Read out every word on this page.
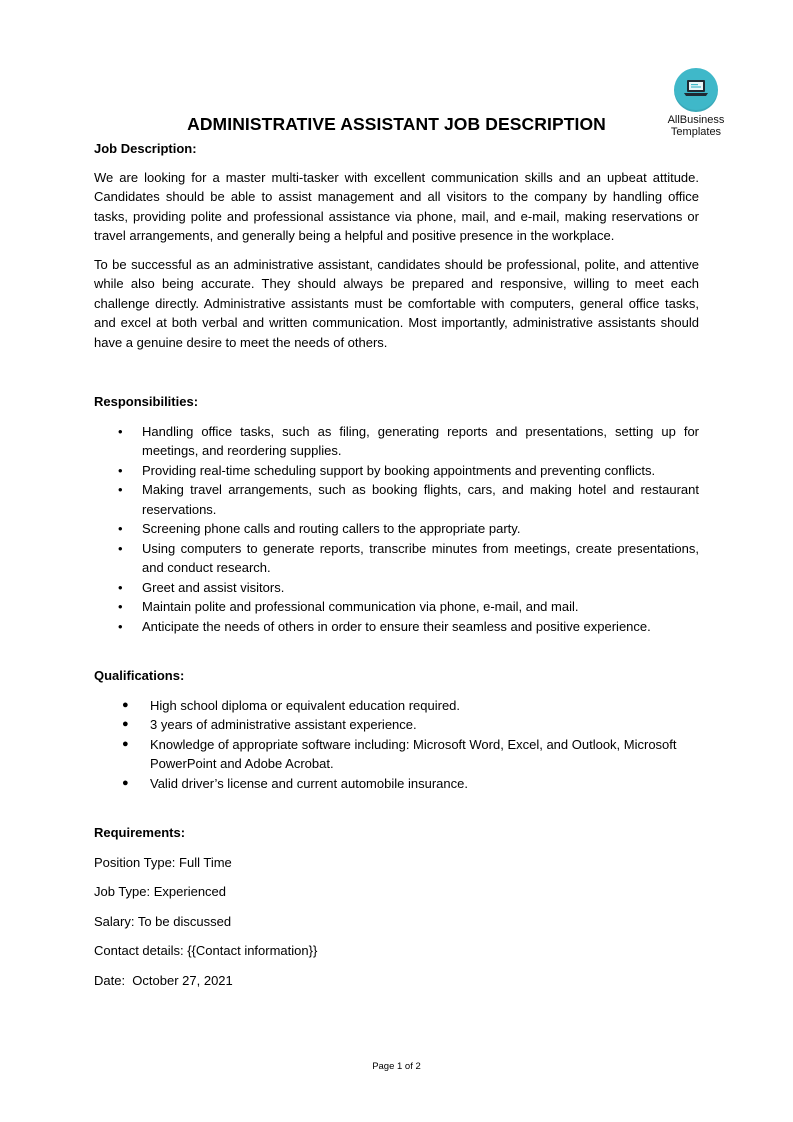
AllBusiness
Templates
ADMINISTRATIVE ASSISTANT JOB DESCRIPTION

Job Description:

We are looking for a master multi-tasker with excellent communication skills and an upbeat attitude. Candidates should be able to assist management and all visitors to the company by handling office tasks, providing polite and professional assistance via phone, mail, and e-mail, making reservations or travel arrangements, and generally being a helpful and positive presence in the workplace.

To be successful as an administrative assistant, candidates should be professional, polite, and attentive while also being accurate. They should always be prepared and responsive, willing to meet each challenge directly. Administrative assistants must be comfortable with computers, general office tasks, and excel at both verbal and written communication. Most importantly, administrative assistants should have a genuine desire to meet the needs of others.

Responsibilities:

• Handling office tasks, such as filing, generating reports and presentations, setting up for meetings, and reordering supplies.
• Providing real-time scheduling support by booking appointments and preventing conflicts.
• Making travel arrangements, such as booking flights, cars, and making hotel and restaurant reservations.
• Screening phone calls and routing callers to the appropriate party.
• Using computers to generate reports, transcribe minutes from meetings, create presentations, and conduct research.
• Greet and assist visitors.
• Maintain polite and professional communication via phone, e-mail, and mail.
• Anticipate the needs of others in order to ensure their seamless and positive experience.

Qualifications:

● High school diploma or equivalent education required.
● 3 years of administrative assistant experience.
● Knowledge of appropriate software including: Microsoft Word, Excel, and Outlook, Microsoft PowerPoint and Adobe Acrobat.
● Valid driver’s license and current automobile insurance.

Requirements:

Position Type: Full Time

Job Type: Experienced

Salary: To be discussed

Contact details: {{Contact information}}

Date:  October 27, 2021

Page 1 of 2
